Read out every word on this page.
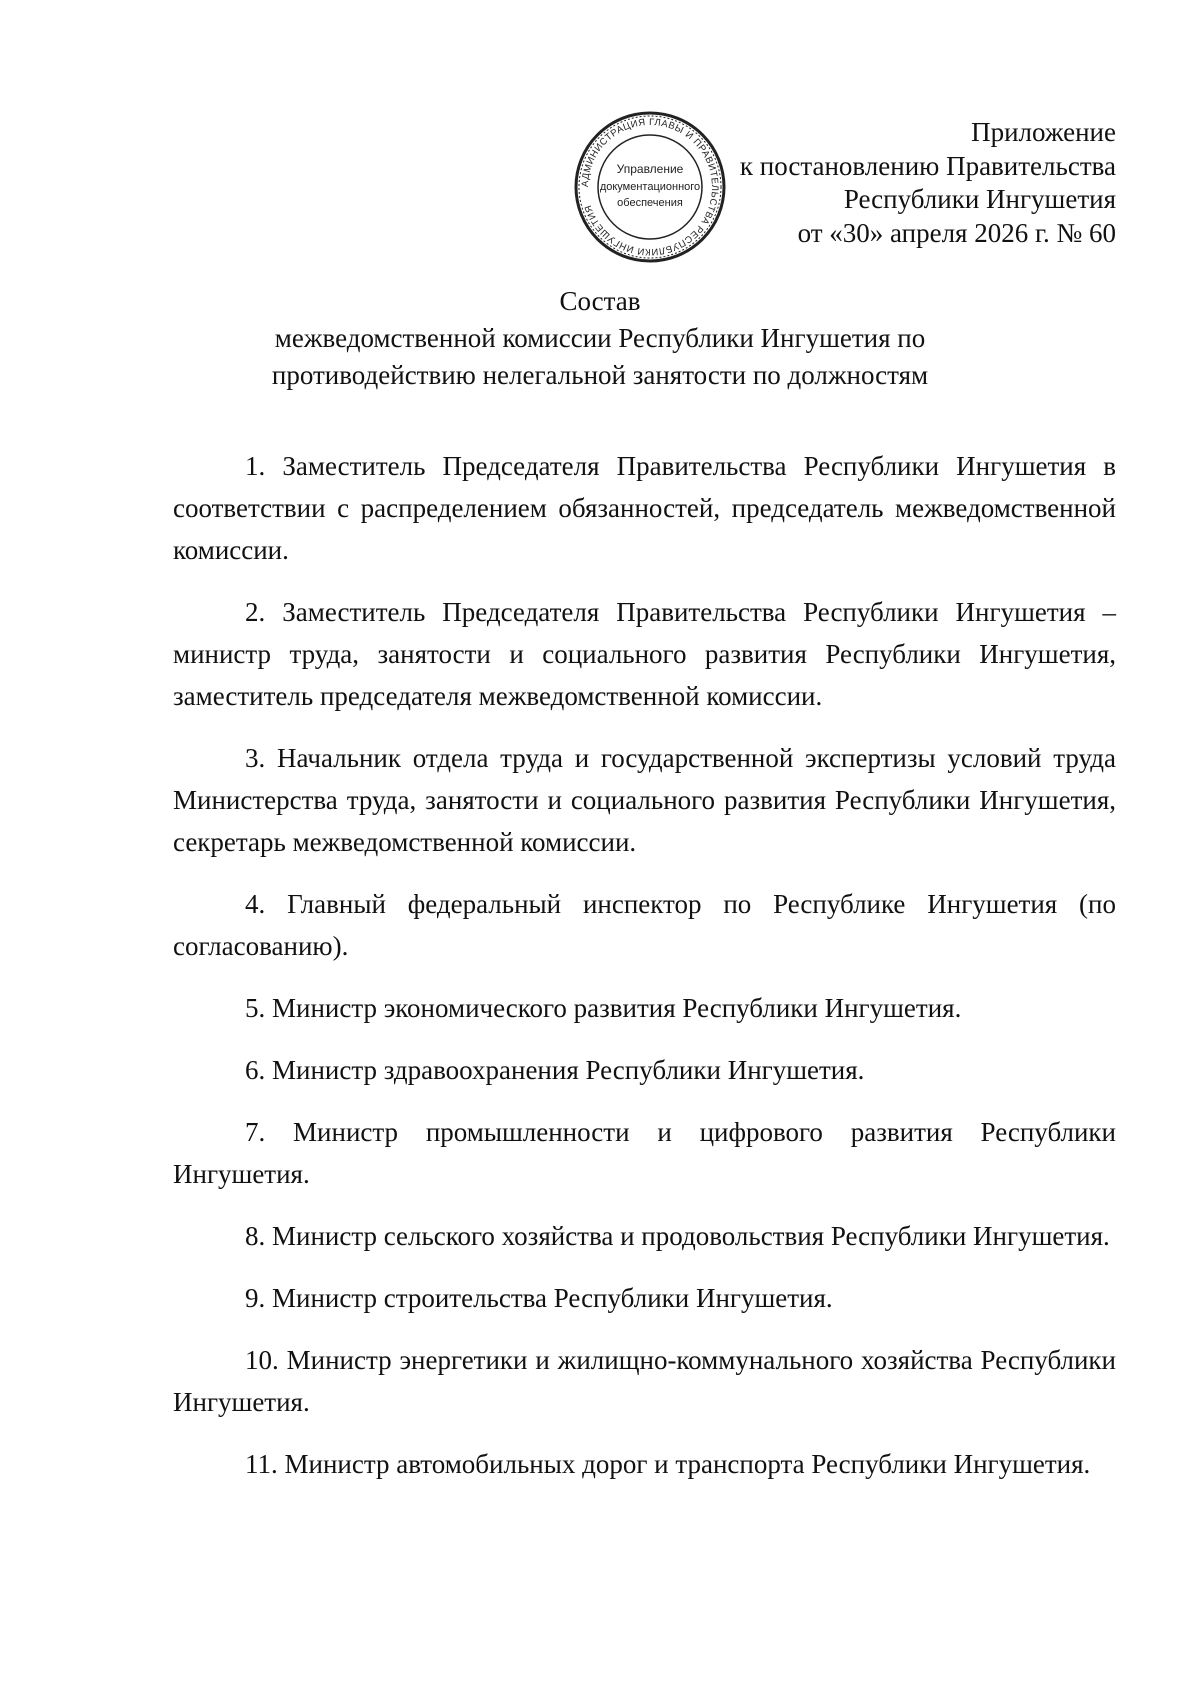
АДМИНИСТРАЦИЯ ГЛАВЫ И ПРАВИТЕЛЬСТВА РЕСПУБЛИКИ ИНГУШЕТИЯ
Управление
документационного
обеспечения
Приложение
к постановлению Правительства
Республики Ингушетия
от «30» апреля 2026 г. № 60
Состав
межведомственной комиссии Республики Ингушетия по
противодействию нелегальной занятости по должностям

1. Заместитель Председателя Правительства Республики Ингушетия в соответствии с распределением обязанностей, председатель межведомственной комиссии.

2. Заместитель Председателя Правительства Республики Ингушетия – министр труда, занятости и социального развития Республики Ингушетия, заместитель председателя межведомственной комиссии.

3. Начальник отдела труда и государственной экспертизы условий труда Министерства труда, занятости и социального развития Республики Ингушетия, секретарь межведомственной комиссии.

4. Главный федеральный инспектор по Республике Ингушетия (по согласованию).

5. Министр экономического развития Республики Ингушетия.

6. Министр здравоохранения Республики Ингушетия.

7. Министр промышленности и цифрового развития Республики Ингушетия.

8. Министр сельского хозяйства и продовольствия Республики Ингушетия.

9. Министр строительства Республики Ингушетия.

10. Министр энергетики и жилищно-коммунального хозяйства Республики Ингушетия.

11. Министр автомобильных дорог и транспорта Республики Ингушетия.
